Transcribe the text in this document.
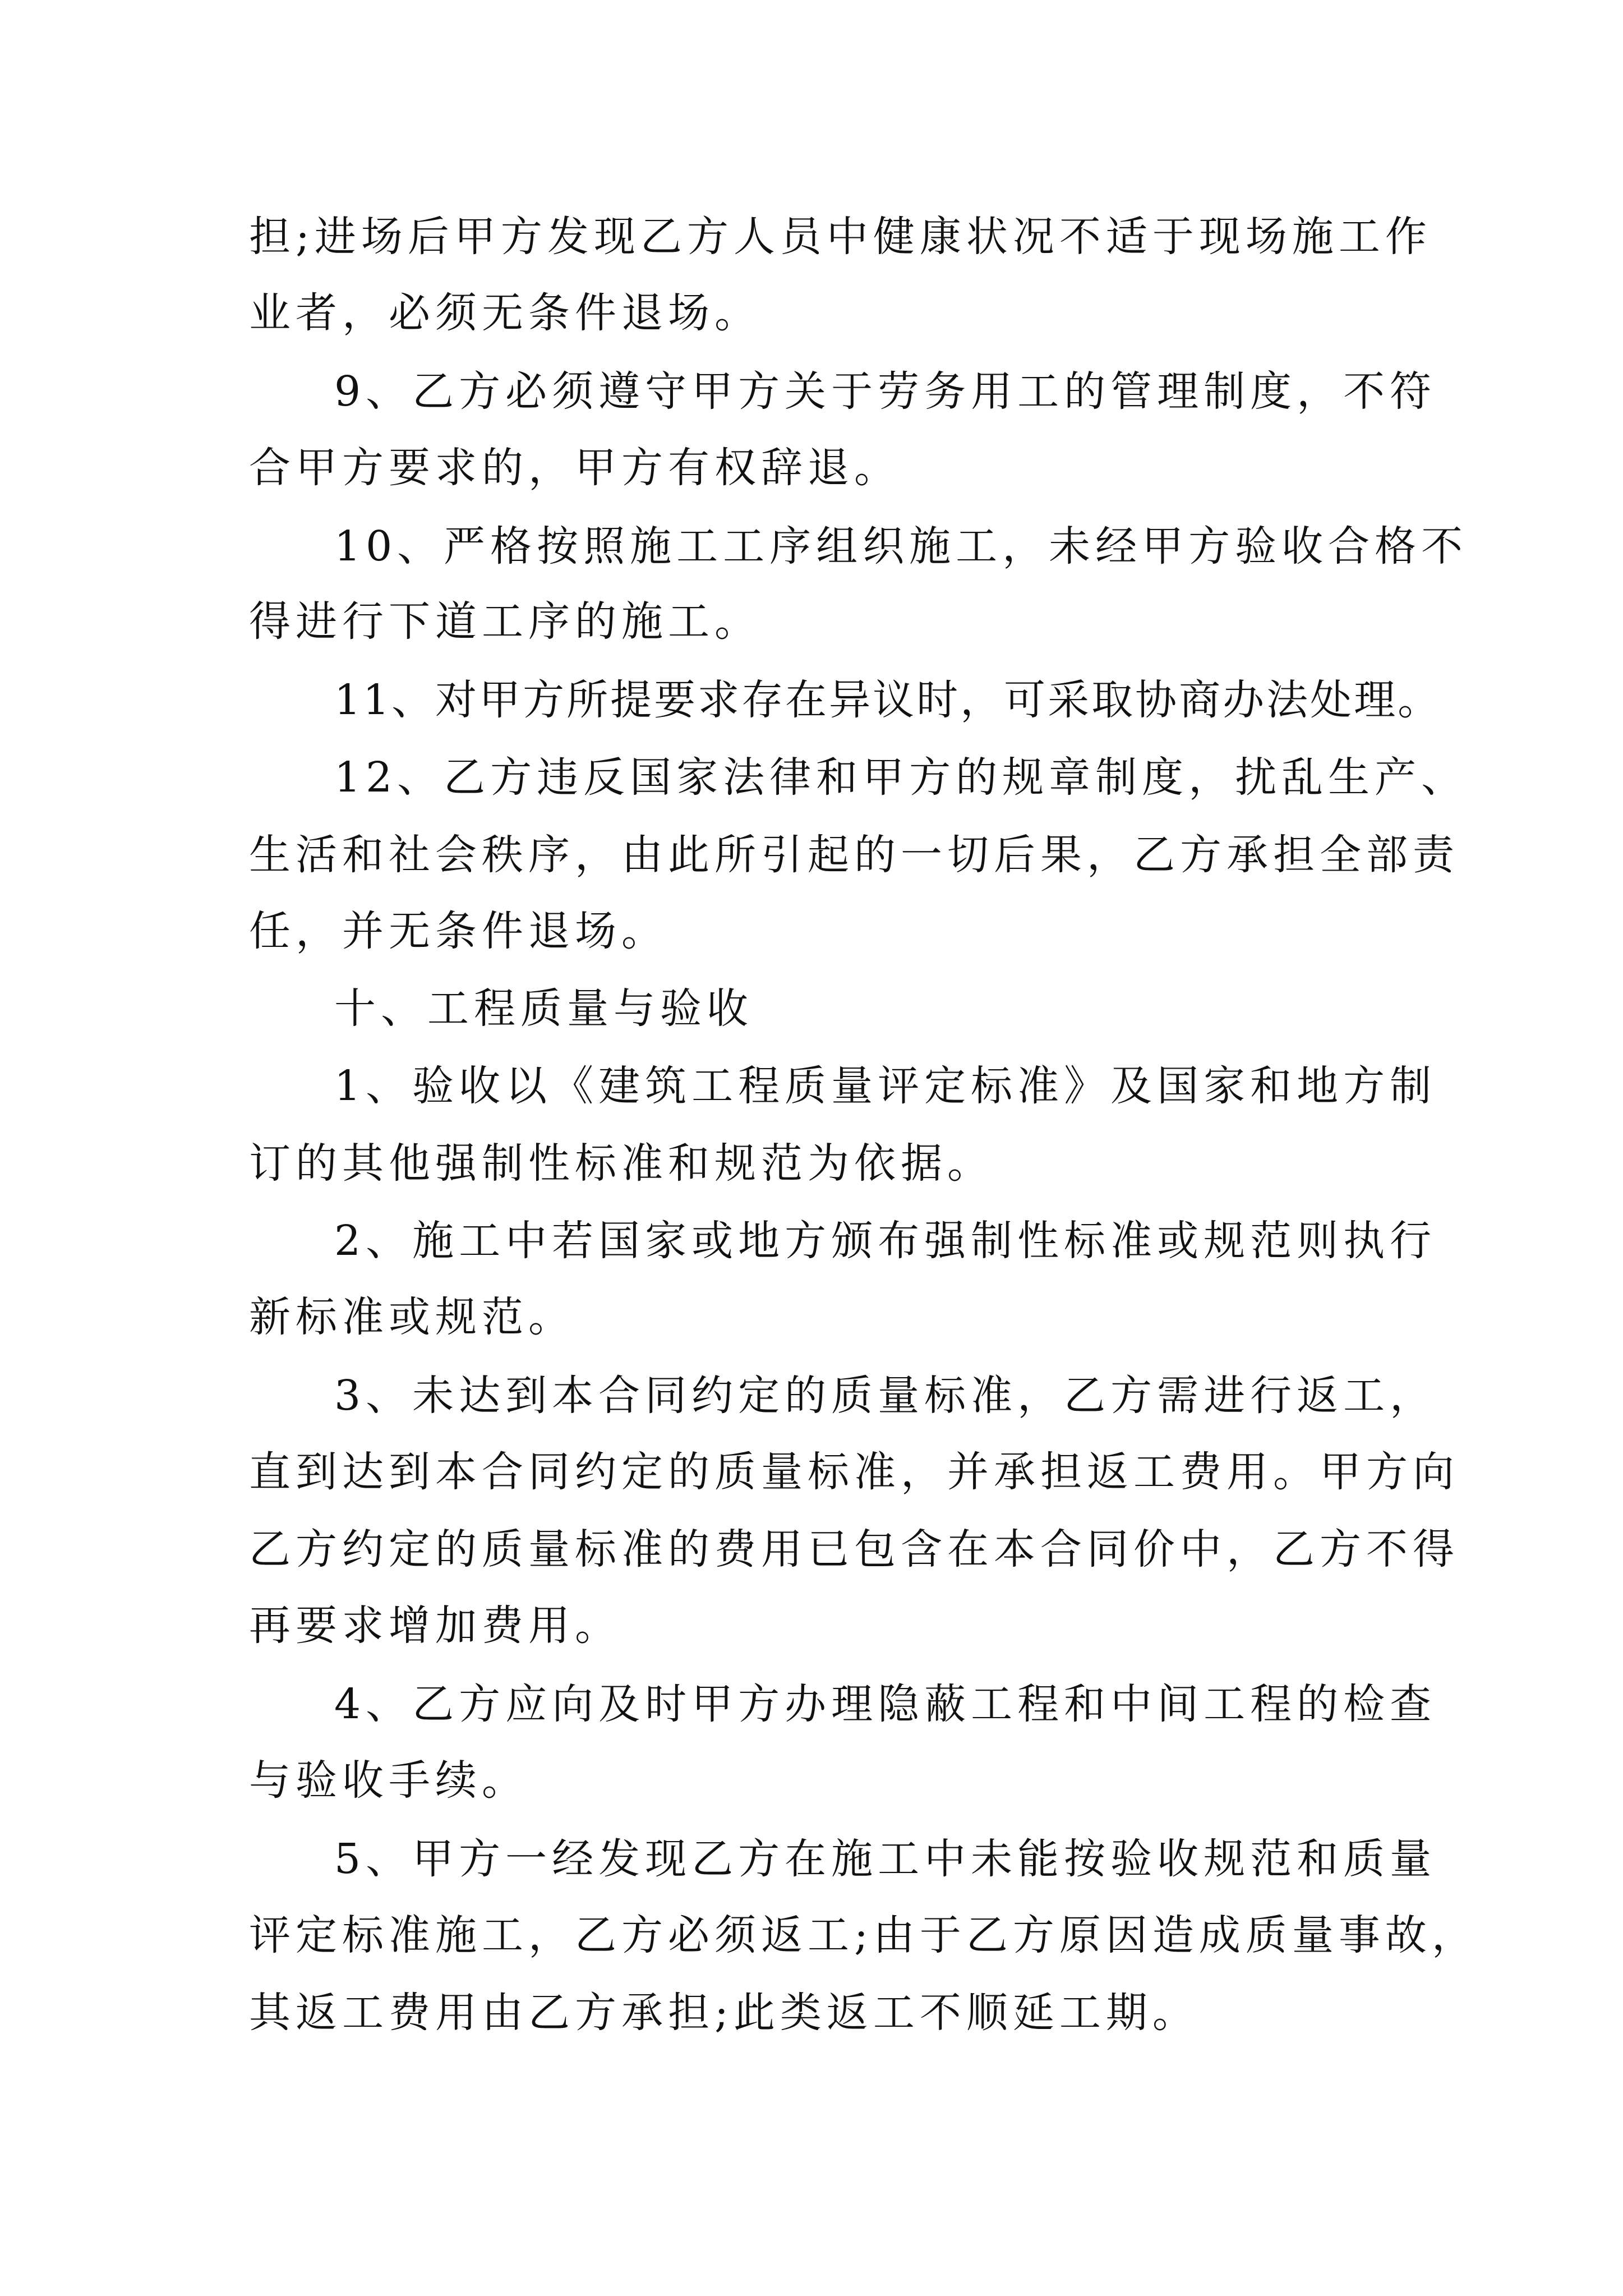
担;进场后甲方发现乙方人员中健康状况不适于现场施工作
业者，必须无条件退场。
9、乙方必须遵守甲方关于劳务用工的管理制度，不符
合甲方要求的，甲方有权辞退。
10、严格按照施工工序组织施工，未经甲方验收合格不
得进行下道工序的施工。
11、对甲方所提要求存在异议时，可采取协商办法处理。
12、乙方违反国家法律和甲方的规章制度，扰乱生产、
生活和社会秩序，由此所引起的一切后果，乙方承担全部责
任，并无条件退场。
十、工程质量与验收
1、验收以《建筑工程质量评定标准》及国家和地方制
订的其他强制性标准和规范为依据。
2、施工中若国家或地方颁布强制性标准或规范则执行
新标准或规范。
3、未达到本合同约定的质量标准，乙方需进行返工，
直到达到本合同约定的质量标准，并承担返工费用。甲方向
乙方约定的质量标准的费用已包含在本合同价中，乙方不得
再要求增加费用。
4、乙方应向及时甲方办理隐蔽工程和中间工程的检查
与验收手续。
5、甲方一经发现乙方在施工中未能按验收规范和质量
评定标准施工，乙方必须返工;由于乙方原因造成质量事故，
其返工费用由乙方承担;此类返工不顺延工期。
